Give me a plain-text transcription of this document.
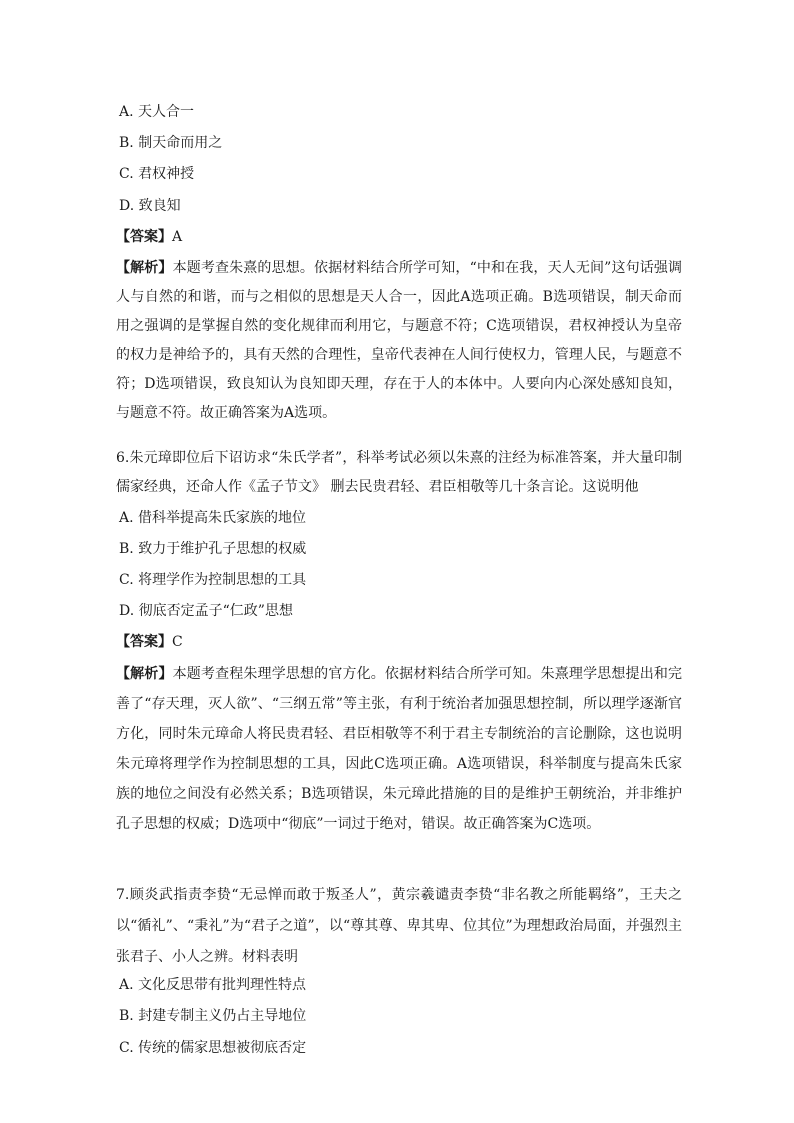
A. 天人合一
B. 制天命而用之
C. 君权神授
D. 致良知
【答案】A
【解析】本题考查朱熹的思想。依据材料结合所学可知，“中和在我，天人无间”这句话强调人与自然的和谐，而与之相似的思想是天人合一，因此A选项正确。B选项错误，制天命而用之强调的是掌握自然的变化规律而利用它，与题意不符；C选项错误，君权神授认为皇帝的权力是神给予的，具有天然的合理性，皇帝代表神在人间行使权力，管理人民，与题意不符；D选项错误，致良知认为良知即天理，存在于人的本体中。人要向内心深处感知良知，与题意不符。故正确答案为A选项。
6.朱元璋即位后下诏访求“朱氏学者”，科举考试必须以朱熹的注经为标准答案，并大量印制儒家经典，还命人作《孟子节文》 删去民贵君轻、君臣相敬等几十条言论。这说明他
A. 借科举提高朱氏家族的地位
B. 致力于维护孔子思想的权威
C. 将理学作为控制思想的工具
D. 彻底否定孟子“仁政”思想
【答案】C
【解析】本题考查程朱理学思想的官方化。依据材料结合所学可知。朱熹理学思想提出和完善了“存天理，灭人欲”、“三纲五常”等主张，有利于统治者加强思想控制，所以理学逐渐官方化，同时朱元璋命人将民贵君轻、君臣相敬等不利于君主专制统治的言论删除，这也说明朱元璋将理学作为控制思想的工具，因此C选项正确。A选项错误，科举制度与提高朱氏家族的地位之间没有必然关系；B选项错误，朱元璋此措施的目的是维护王朝统治，并非维护孔子思想的权威；D选项中“彻底”一词过于绝对，错误。故正确答案为C选项。
7.顾炎武指责李贽“无忌惮而敢于叛圣人”，黄宗羲谴责李贽“非名教之所能羁络”，王夫之以“循礼”、“秉礼”为“君子之道”，以“尊其尊、卑其卑、位其位”为理想政治局面，并强烈主张君子、小人之辨。材料表明
A. 文化反思带有批判理性特点
B. 封建专制主义仍占主导地位
C. 传统的儒家思想被彻底否定
